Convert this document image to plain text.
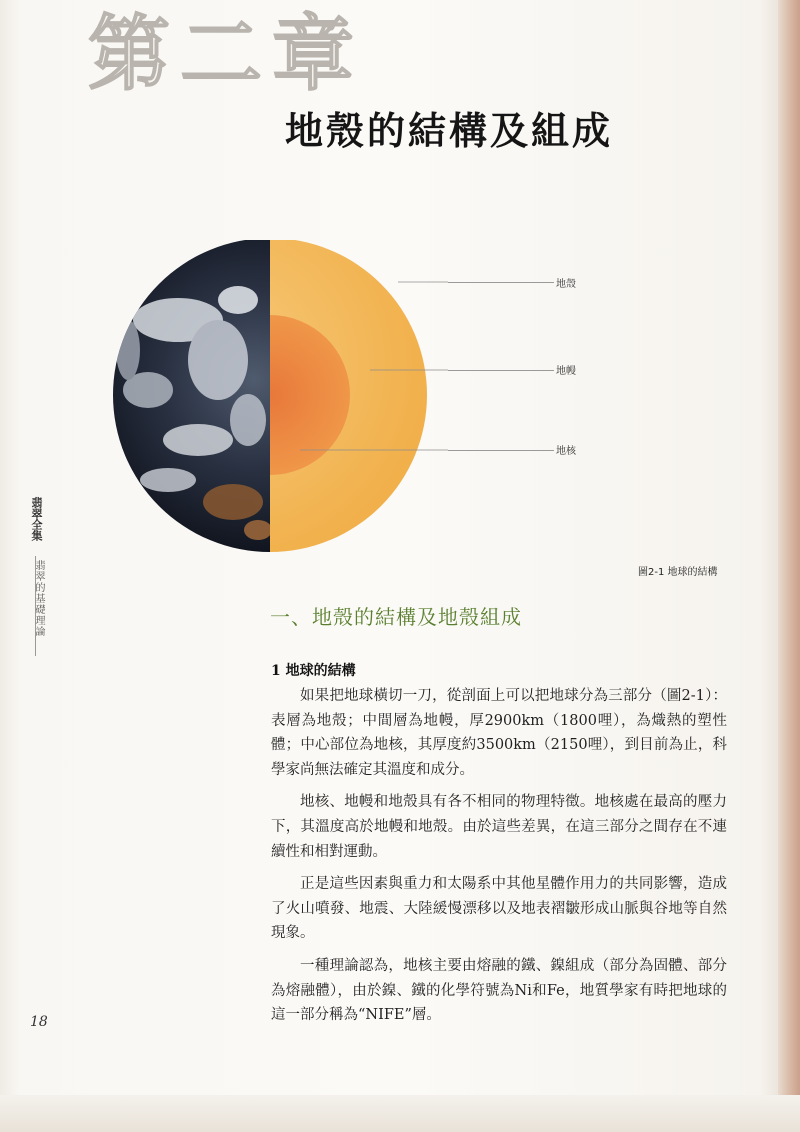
第二章
地殼的結構及組成
地殼
地幔
地核
圖2-1 地球的結構
翡翠全集
翡翠的基礎理論	一、地殼的結構及地殼組成
1 地球的結構

如果把地球橫切一刀，從剖面上可以把地球分為三部分（圖2-1）：表層為地殼；中間層為地幔，厚2900km（1800哩），為熾熱的塑性體；中心部位為地核，其厚度約3500km（2150哩），到目前為止，科學家尚無法確定其溫度和成分。

地核、地幔和地殼具有各不相同的物理特徵。地核處在最高的壓力下，其溫度高於地幔和地殼。由於這些差異，在這三部分之間存在不連續性和相對運動。

正是這些因素與重力和太陽系中其他星體作用力的共同影響，造成了火山噴發、地震、大陸緩慢漂移以及地表褶皺形成山脈與谷地等自然現象。

一種理論認為，地核主要由熔融的鐵、鎳組成（部分為固體、部分為熔融體），由於鎳、鐵的化學符號為Ni和Fe，地質學家有時把地球的這一部分稱為“NIFE”層。

18
